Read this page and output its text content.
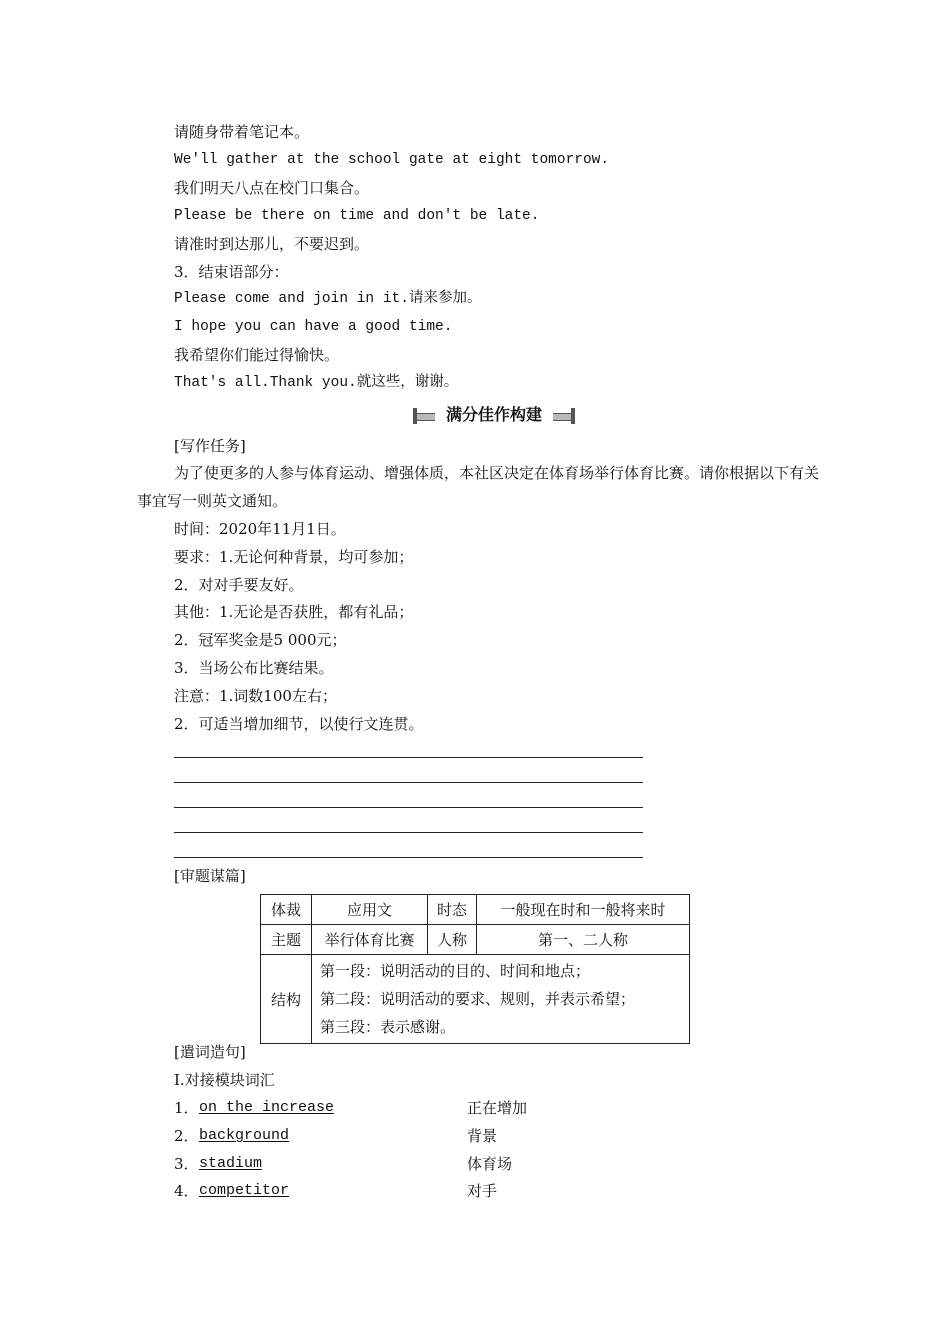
请随身带着笔记本。
We'll gather at the school gate at eight tomorrow.
我们明天八点在校门口集合。
Please be there on time and don't be late.
请准时到达那儿，不要迟到。
3．结束语部分：
Please come and join in it.请来参加。
I hope you can have a good time.
我希望你们能过得愉快。
That's all.Thank you.就这些，谢谢。
满分佳作构建
[写作任务]
为了使更多的人参与体育运动、增强体质，本社区决定在体育场举行体育比赛。请你根据以下有关事宜写一则英文通知。
时间：2020年11月1日。
要求：1.无论何种背景，均可参加；
2．对对手要友好。
其他：1.无论是否获胜，都有礼品；
2．冠军奖金是5 000元；
3．当场公布比赛结果。
注意：1.词数100左右；
2．可适当增加细节，以使行文连贯。
[审题谋篇]
体裁	应用文	时态	一般现在时和一般将来时
主题	举行体育比赛	人称	第一、二人称
结构	第一段：说明活动的目的、时间和地点；
第二段：说明活动的要求、规则，并表示希望；
第三段：表示感谢。		
[遣词造句]
Ⅰ.对接模块词汇
1． on the increase	正在增加
2． background	背景
3． stadium	体育场
4． competitor	对手
